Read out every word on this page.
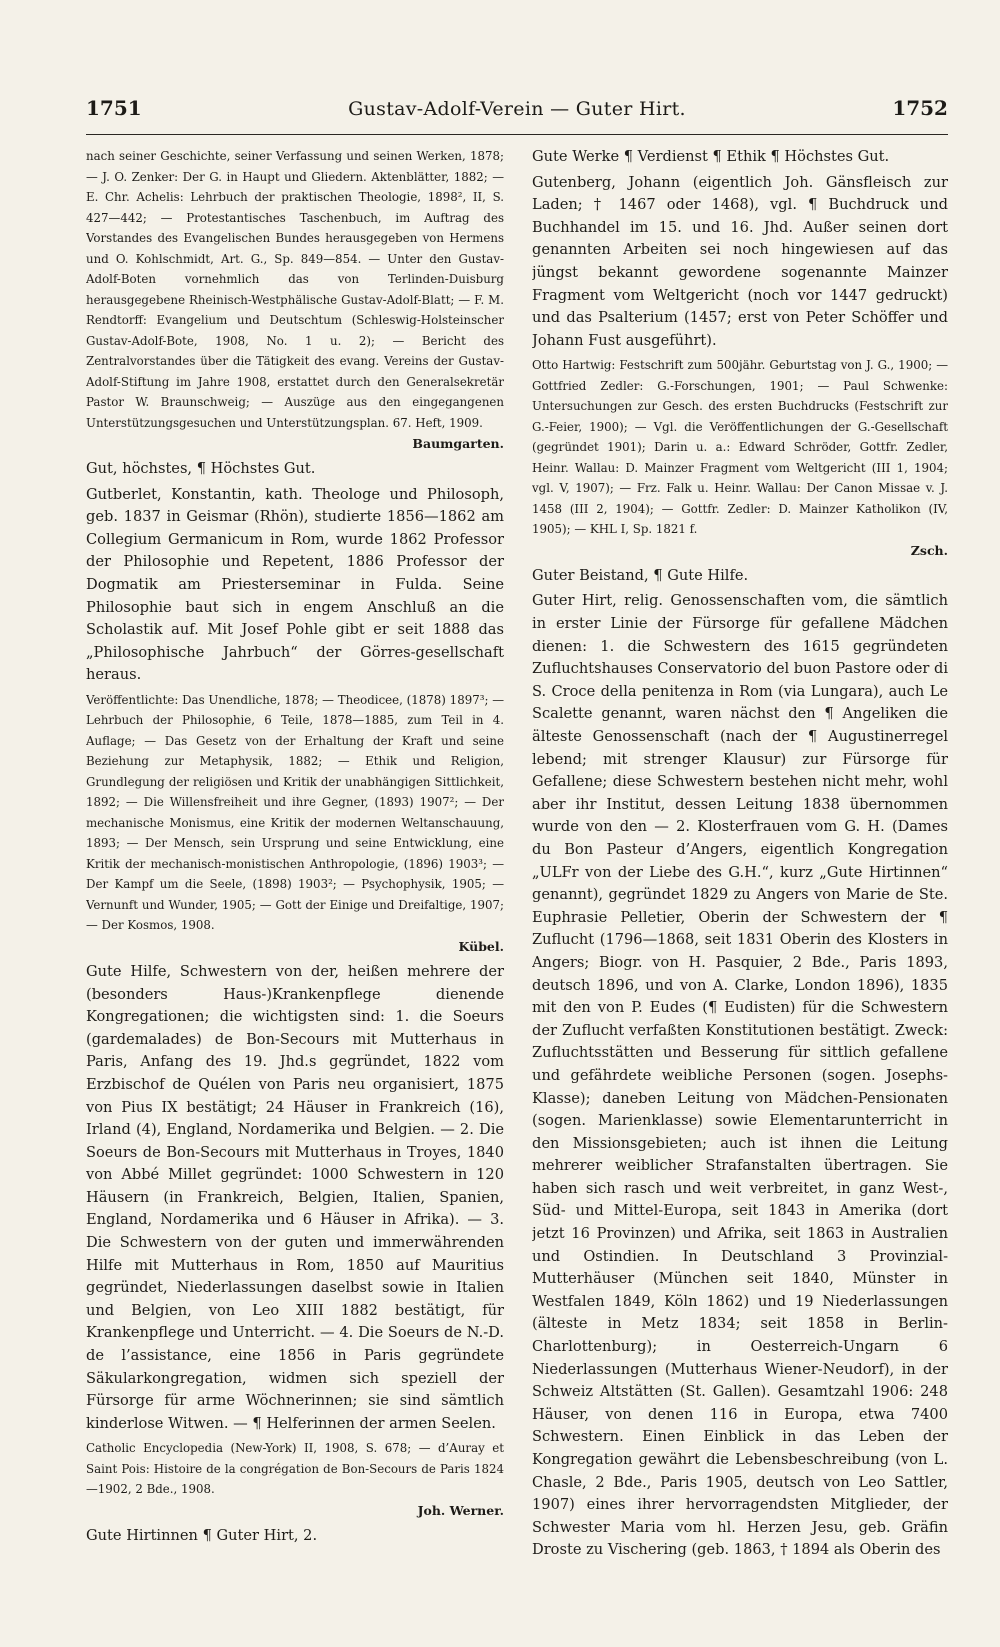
1751	Gustav-Adolf-Verein — Guter Hirt.	1752
nach seiner Geschichte, seiner Verfassung und seinen Werken, 1878; — J. O. Zenker: Der G. in Haupt und Gliedern. Aktenblätter, 1882; — E. Chr. Achelis: Lehrbuch der praktischen Theologie, 1898², II, S. 427—442; — Protestantisches Taschenbuch, im Auftrag des Vorstandes des Evangelischen Bundes herausgegeben von Hermens und O. Kohlschmidt, Art. G., Sp. 849—854. — Unter den Gustav-Adolf-Boten vornehmlich das von Terlinden-Duisburg herausgegebene Rheinisch-Westphälische Gustav-Adolf-Blatt; — F. M. Rendtorff: Evangelium und Deutschtum (Schleswig-Holsteinscher Gustav-Adolf-Bote, 1908, No. 1 u. 2); — Bericht des Zentralvorstandes über die Tätigkeit des evang. Vereins der Gustav-Adolf-Stiftung im Jahre 1908, erstattet durch den Generalsekretär Pastor W. Braunschweig; — Auszüge aus den eingegangenen Unterstützungsgesuchen und Unterstützungsplan. 67. Heft, 1909.
Baumgarten.
Gut, höchstes, ¶ Höchstes Gut.
Gutberlet, Konstantin, kath. Theologe und Philosoph, geb. 1837 in Geismar (Rhön), studierte 1856—1862 am Collegium Germanicum in Rom, wurde 1862 Professor der Philosophie und Repetent, 1886 Professor der Dogmatik am Priesterseminar in Fulda. Seine Philosophie baut sich in engem Anschluß an die Scholastik auf. Mit Josef Pohle gibt er seit 1888 das „Philosophische Jahrbuch“ der Görres-gesellschaft heraus.
Veröffentlichte: Das Unendliche, 1878; — Theodicee, (1878) 1897³; — Lehrbuch der Philosophie, 6 Teile, 1878—1885, zum Teil in 4. Auflage; — Das Gesetz von der Erhaltung der Kraft und seine Beziehung zur Metaphysik, 1882; — Ethik und Religion, Grundlegung der religiösen und Kritik der unabhängigen Sittlichkeit, 1892; — Die Willensfreiheit und ihre Gegner, (1893) 1907²; — Der mechanische Monismus, eine Kritik der modernen Weltanschauung, 1893; — Der Mensch, sein Ursprung und seine Entwicklung, eine Kritik der mechanisch-monistischen Anthropologie, (1896) 1903³; — Der Kampf um die Seele, (1898) 1903²; — Psychophysik, 1905; — Vernunft und Wunder, 1905; — Gott der Einige und Dreifaltige, 1907; — Der Kosmos, 1908.
Kübel.
Gute Hilfe, Schwestern von der, heißen mehrere der (besonders Haus-)Krankenpflege dienende Kongregationen; die wichtigsten sind: 1. die Soeurs (gardemalades) de Bon-Secours mit Mutterhaus in Paris, Anfang des 19. Jhd.s gegründet, 1822 vom Erzbischof de Quélen von Paris neu organisiert, 1875 von Pius IX bestätigt; 24 Häuser in Frankreich (16), Irland (4), England, Nordamerika und Belgien. — 2. Die Soeurs de Bon-Secours mit Mutterhaus in Troyes, 1840 von Abbé Millet gegründet: 1000 Schwestern in 120 Häusern (in Frankreich, Belgien, Italien, Spanien, England, Nordamerika und 6 Häuser in Afrika). — 3. Die Schwestern von der guten und immerwährenden Hilfe mit Mutterhaus in Rom, 1850 auf Mauritius gegründet, Niederlassungen daselbst sowie in Italien und Belgien, von Leo XIII 1882 bestätigt, für Krankenpflege und Unterricht. — 4. Die Soeurs de N.-D. de l’assistance, eine 1856 in Paris gegründete Säkularkongregation, widmen sich speziell der Fürsorge für arme Wöchnerinnen; sie sind sämtlich kinderlose Witwen. — ¶ Helferinnen der armen Seelen.
Catholic Encyclopedia (New-York) II, 1908, S. 678; — d’Auray et Saint Pois: Histoire de la congrégation de Bon-Secours de Paris 1824—1902, 2 Bde., 1908.
Joh. Werner.
Gute Hirtinnen ¶ Guter Hirt, 2.
Gute Werke ¶ Verdienst ¶ Ethik ¶ Höchstes Gut.
Gutenberg, Johann (eigentlich Joh. Gänsfleisch zur Laden; † 1467 oder 1468), vgl. ¶ Buchdruck und Buchhandel im 15. und 16. Jhd. Außer seinen dort genannten Arbeiten sei noch hingewiesen auf das jüngst bekannt gewordene sogenannte Mainzer Fragment vom Weltgericht (noch vor 1447 gedruckt) und das Psalterium (1457; erst von Peter Schöffer und Johann Fust ausgeführt).
Otto Hartwig: Festschrift zum 500jähr. Geburtstag von J. G., 1900; — Gottfried Zedler: G.-Forschungen, 1901; — Paul Schwenke: Untersuchungen zur Gesch. des ersten Buchdrucks (Festschrift zur G.-Feier, 1900); — Vgl. die Veröffentlichungen der G.-Gesellschaft (gegründet 1901); Darin u. a.: Edward Schröder, Gottfr. Zedler, Heinr. Wallau: D. Mainzer Fragment vom Weltgericht (III 1, 1904; vgl. V, 1907); — Frz. Falk u. Heinr. Wallau: Der Canon Missae v. J. 1458 (III 2, 1904); — Gottfr. Zedler: D. Mainzer Katholikon (IV, 1905); — KHL I, Sp. 1821 f.
Zsch.
Guter Beistand, ¶ Gute Hilfe.
Guter Hirt, relig. Genossenschaften vom, die sämtlich in erster Linie der Fürsorge für gefallene Mädchen dienen: 1. die Schwestern des 1615 gegründeten Zufluchtshauses Conservatorio del buon Pastore oder di S. Croce della penitenza in Rom (via Lungara), auch Le Scalette genannt, waren nächst den ¶ Angeliken die älteste Genossenschaft (nach der ¶ Augustinerregel lebend; mit strenger Klausur) zur Fürsorge für Gefallene; diese Schwestern bestehen nicht mehr, wohl aber ihr Institut, dessen Leitung 1838 übernommen wurde von den — 2. Klosterfrauen vom G. H. (Dames du Bon Pasteur d’Angers, eigentlich Kongregation „ULFr von der Liebe des G.H.“, kurz „Gute Hirtinnen“ genannt), gegründet 1829 zu Angers von Marie de Ste. Euphrasie Pelletier, Oberin der Schwestern der ¶ Zuflucht (1796—1868, seit 1831 Oberin des Klosters in Angers; Biogr. von H. Pasquier, 2 Bde., Paris 1893, deutsch 1896, und von A. Clarke, London 1896), 1835 mit den von P. Eudes (¶ Eudisten) für die Schwestern der Zuflucht verfaßten Konstitutionen bestätigt. Zweck: Zufluchtsstätten und Besserung für sittlich gefallene und gefährdete weibliche Personen (sogen. Josephs-Klasse); daneben Leitung von Mädchen-Pensionaten (sogen. Marienklasse) sowie Elementarunterricht in den Missionsgebieten; auch ist ihnen die Leitung mehrerer weiblicher Strafanstalten übertragen. Sie haben sich rasch und weit verbreitet, in ganz West-, Süd- und Mittel-Europa, seit 1843 in Amerika (dort jetzt 16 Provinzen) und Afrika, seit 1863 in Australien und Ostindien. In Deutschland 3 Provinzial-Mutterhäuser (München seit 1840, Münster in Westfalen 1849, Köln 1862) und 19 Niederlassungen (älteste in Metz 1834; seit 1858 in Berlin-Charlottenburg); in Oesterreich-Ungarn 6 Niederlassungen (Mutterhaus Wiener-Neudorf), in der Schweiz Altstätten (St. Gallen). Gesamtzahl 1906: 248 Häuser, von denen 116 in Europa, etwa 7400 Schwestern. Einen Einblick in das Leben der Kongregation gewährt die Lebensbeschreibung (von L. Chasle, 2 Bde., Paris 1905, deutsch von Leo Sattler, 1907) eines ihrer hervorragendsten Mitglieder, der Schwester Maria vom hl. Herzen Jesu, geb. Gräfin Droste zu Vischering (geb. 1863, † 1894 als Oberin des
